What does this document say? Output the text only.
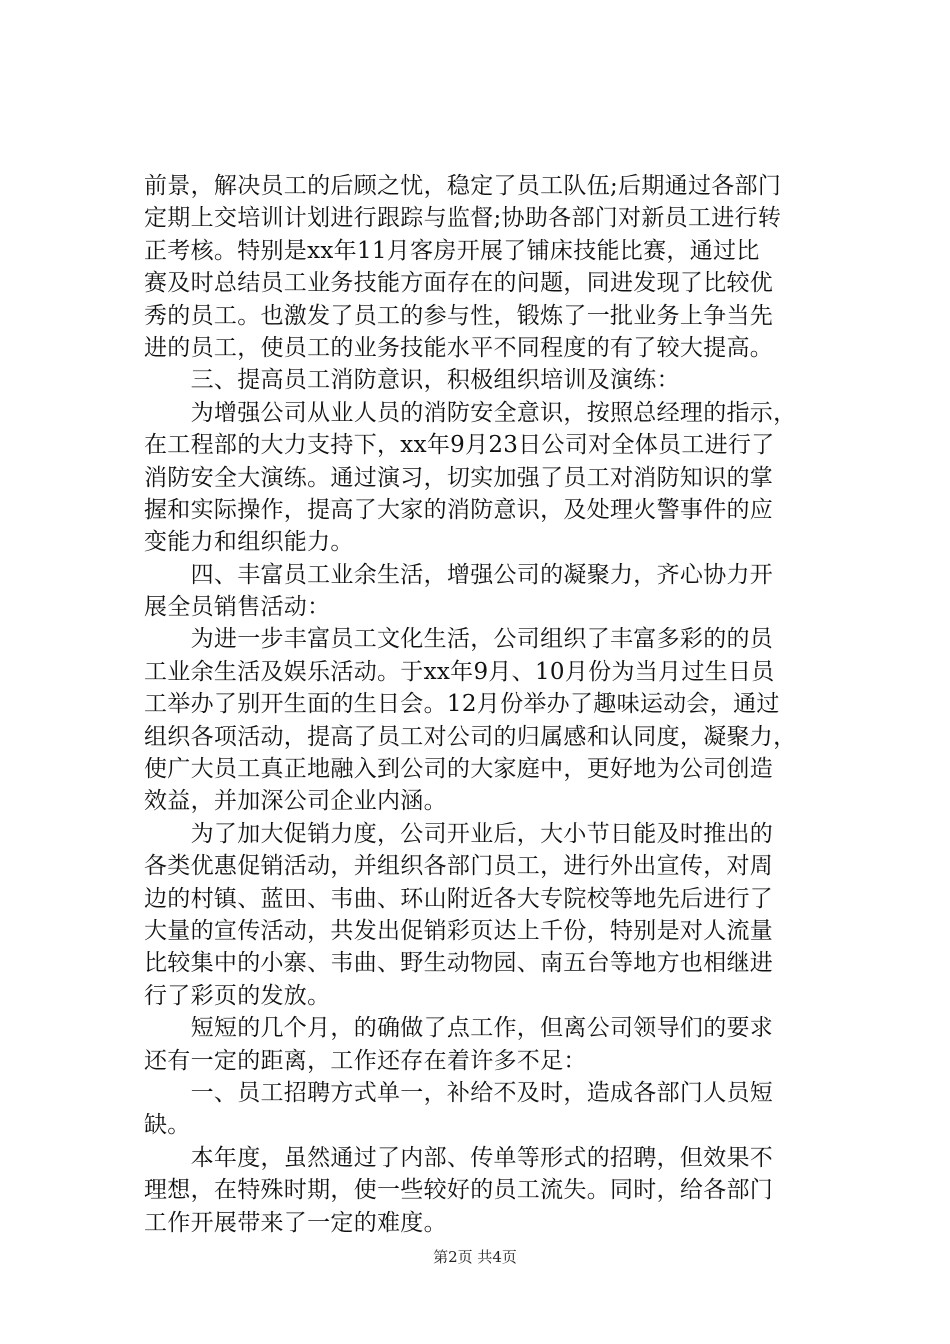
前景，解决员工的后顾之忧，稳定了员工队伍;后期通过各部门
定期上交培训计划进行跟踪与监督;协助各部门对新员工进行转
正考核。特别是xx年11月客房开展了铺床技能比赛，通过比
赛及时总结员工业务技能方面存在的问题，同进发现了比较优
秀的员工。也激发了员工的参与性，锻炼了一批业务上争当先
进的员工，使员工的业务技能水平不同程度的有了较大提高。
　　三、提高员工消防意识，积极组织培训及演练：
　　为增强公司从业人员的消防安全意识，按照总经理的指示，
在工程部的大力支持下，xx年9月23日公司对全体员工进行了
消防安全大演练。通过演习，切实加强了员工对消防知识的掌
握和实际操作，提高了大家的消防意识，及处理火警事件的应
变能力和组织能力。
　　四、丰富员工业余生活，增强公司的凝聚力，齐心协力开
展全员销售活动：
　　为进一步丰富员工文化生活，公司组织了丰富多彩的的员
工业余生活及娱乐活动。于xx年9月、10月份为当月过生日员
工举办了别开生面的生日会。12月份举办了趣味运动会，通过
组织各项活动，提高了员工对公司的归属感和认同度，凝聚力，
使广大员工真正地融入到公司的大家庭中，更好地为公司创造
效益，并加深公司企业内涵。
　　为了加大促销力度，公司开业后，大小节日能及时推出的
各类优惠促销活动，并组织各部门员工，进行外出宣传，对周
边的村镇、蓝田、韦曲、环山附近各大专院校等地先后进行了
大量的宣传活动，共发出促销彩页达上千份，特别是对人流量
比较集中的小寨、韦曲、野生动物园、南五台等地方也相继进
行了彩页的发放。
　　短短的几个月，的确做了点工作，但离公司领导们的要求
还有一定的距离，工作还存在着许多不足：
　　一、员工招聘方式单一，补给不及时，造成各部门人员短
缺。
　　本年度，虽然通过了内部、传单等形式的招聘，但效果不
理想，在特殊时期，使一些较好的员工流失。同时，给各部门
工作开展带来了一定的难度。
第2页 共4页
